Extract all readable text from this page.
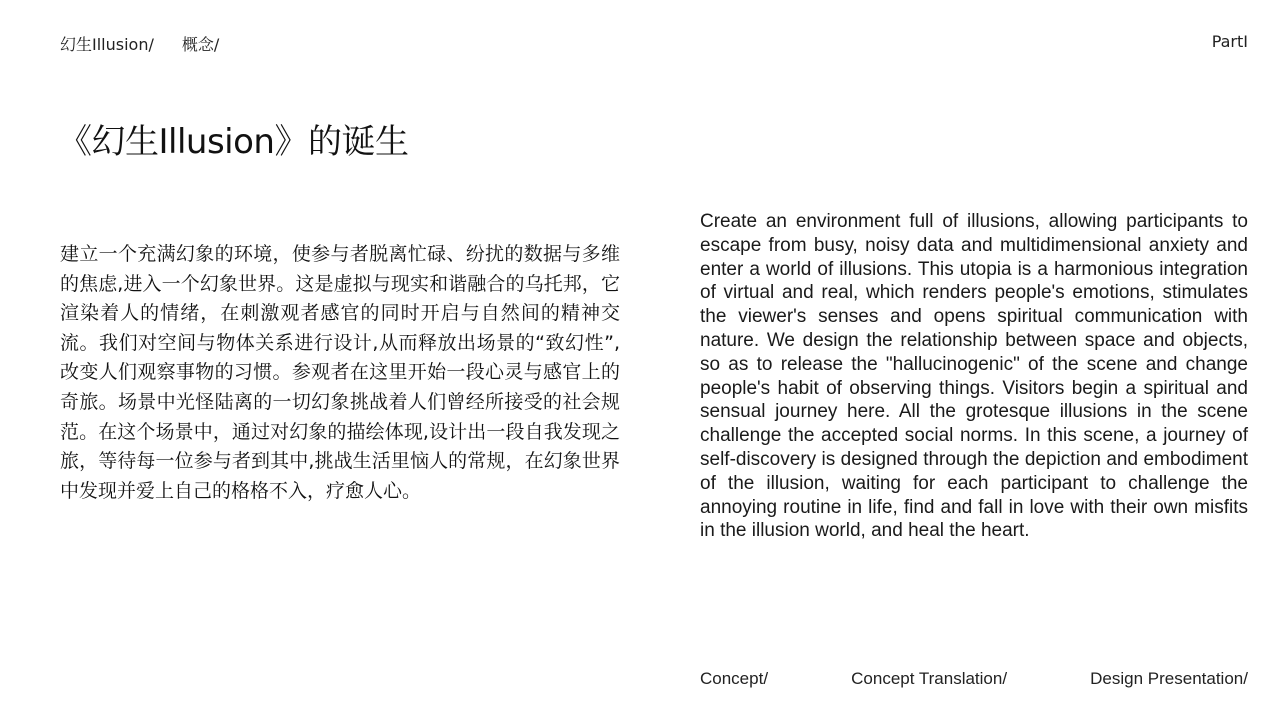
幻生Illusion/ 概念/	PartI
《幻生Illusion》的诞生

建立一个充满幻象的环境，使参与者脱离忙碌、纷扰的数据与多维的焦虑,进入一个幻象世界。这是虚拟与现实和谐融合的乌托邦，它渲染着人的情绪，在刺激观者感官的同时开启与自然间的精神交流。我们对空间与物体关系进行设计,从而释放出场景的“致幻性”,改变人们观察事物的习惯。参观者在这里开始一段心灵与感官上的奇旅。场景中光怪陆离的一切幻象挑战着人们曾经所接受的社会规范。在这个场景中，通过对幻象的描绘体现,设计出一段自我发现之旅，等待每一位参与者到其中,挑战生活里恼人的常规，在幻象世界中发现并爱上自己的格格不入，疗愈人心。

Create an environment full of illusions, allowing participants to escape from busy, noisy data and multidimensional anxiety and enter a world of illusions. This utopia is a harmonious integration of virtual and real, which renders people's emotions, stimulates the viewer's senses and opens spiritual communication with nature. We design the relationship between space and objects, so as to release the "hallucinogenic" of the scene and change people's habit of observing things. Visitors begin a spiritual and sensual journey here. All the grotesque illusions in the scene challenge the accepted social norms. In this scene, a journey of self-discovery is designed through the depiction and embodiment of the illusion, waiting for each participant to challenge the annoying routine in life, find and fall in love with their own misfits in the illusion world, and heal the heart.

Concept/	Concept Translation/	Design Presentation/
